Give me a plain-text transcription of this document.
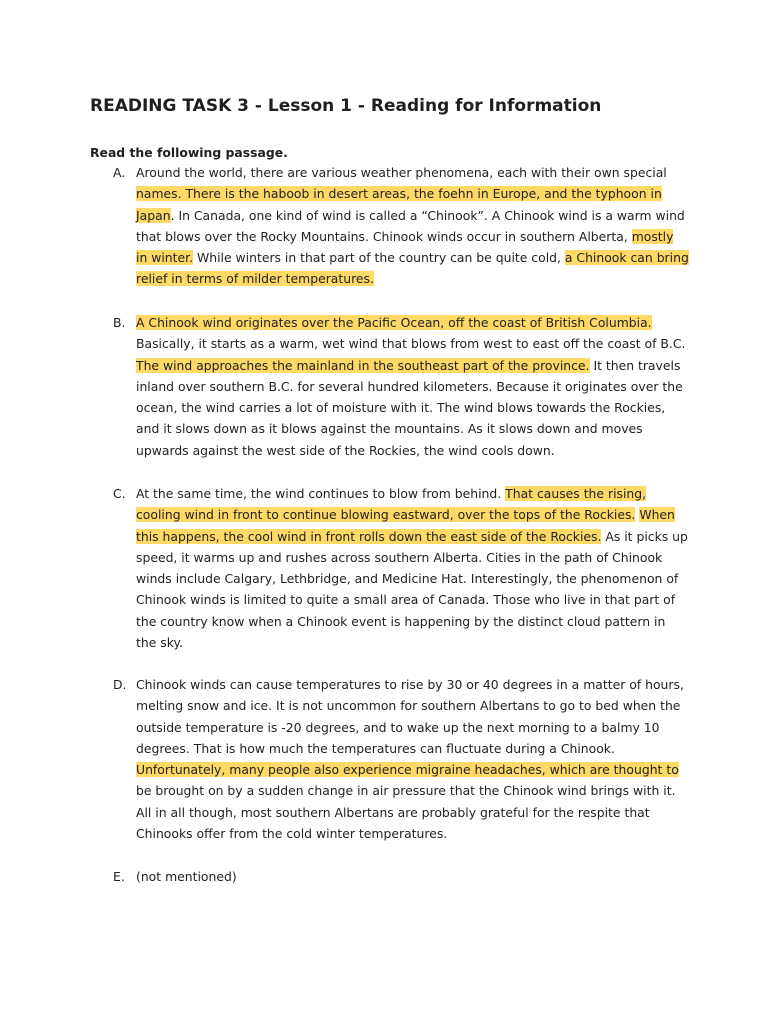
READING TASK 3 - Lesson 1 - Reading for Information
Read the following passage.
A. Around the world, there are various weather phenomena, each with their own special
names. There is the haboob in desert areas, the foehn in Europe, and the typhoon in
Japan. In Canada, one kind of wind is called a “Chinook”. A Chinook wind is a warm wind
that blows over the Rocky Mountains. Chinook winds occur in southern Alberta, mostly
in winter. While winters in that part of the country can be quite cold, a Chinook can bring
relief in terms of milder temperatures.
B. A Chinook wind originates over the Pacific Ocean, off the coast of British Columbia.
Basically, it starts as a warm, wet wind that blows from west to east off the coast of B.C.
The wind approaches the mainland in the southeast part of the province. It then travels
inland over southern B.C. for several hundred kilometers. Because it originates over the
ocean, the wind carries a lot of moisture with it. The wind blows towards the Rockies,
and it slows down as it blows against the mountains. As it slows down and moves
upwards against the west side of the Rockies, the wind cools down.
C. At the same time, the wind continues to blow from behind. That causes the rising,
cooling wind in front to continue blowing eastward, over the tops of the Rockies. When
this happens, the cool wind in front rolls down the east side of the Rockies. As it picks up
speed, it warms up and rushes across southern Alberta. Cities in the path of Chinook
winds include Calgary, Lethbridge, and Medicine Hat. Interestingly, the phenomenon of
Chinook winds is limited to quite a small area of Canada. Those who live in that part of
the country know when a Chinook event is happening by the distinct cloud pattern in
the sky.
D. Chinook winds can cause temperatures to rise by 30 or 40 degrees in a matter of hours,
melting snow and ice. It is not uncommon for southern Albertans to go to bed when the
outside temperature is -20 degrees, and to wake up the next morning to a balmy 10
degrees. That is how much the temperatures can fluctuate during a Chinook.
Unfortunately, many people also experience migraine headaches, which are thought to
be brought on by a sudden change in air pressure that the Chinook wind brings with it.
All in all though, most southern Albertans are probably grateful for the respite that
Chinooks offer from the cold winter temperatures.
E. (not mentioned)
